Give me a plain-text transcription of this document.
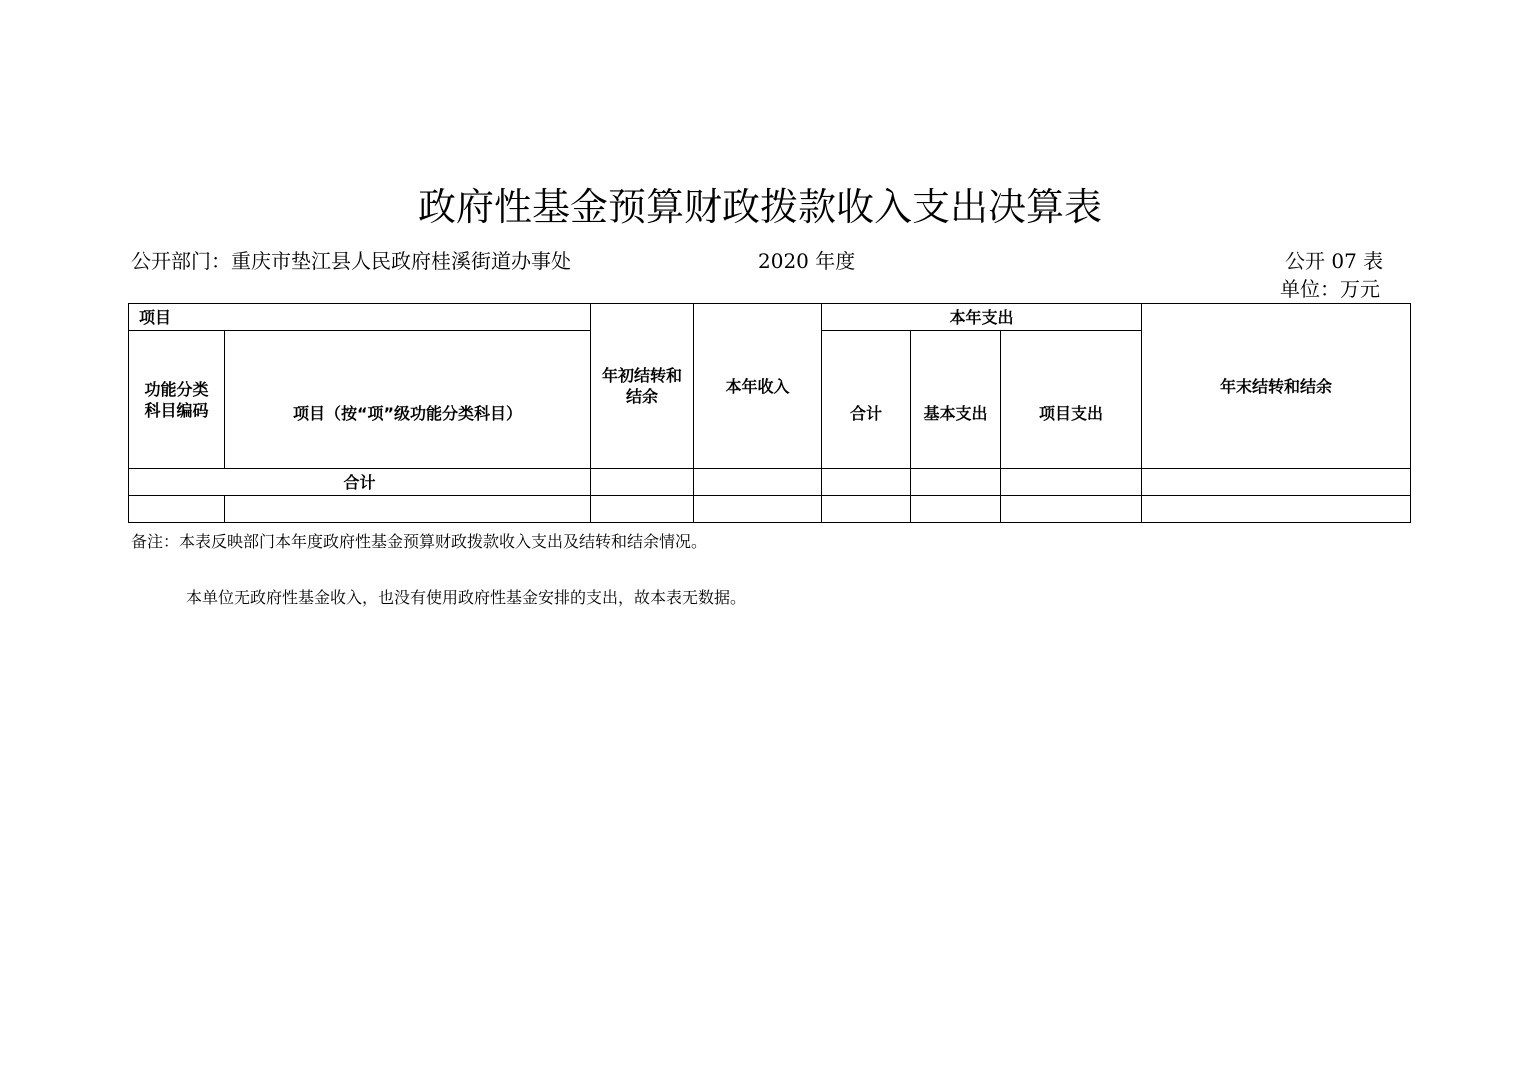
政府性基金预算财政拨款收入支出决算表
公开部门：重庆市垫江县人民政府桂溪街道办事处	2020 年度	公开 07 表
单位：万元
项目		年初结转和结余	本年收入	本年支出			年末结转和结余
功能分类科目编码	项目（按“项”级功能分类科目）			合计	基本支出	项目支出	
合计							

备注：本表反映部门本年度政府性基金预算财政拨款收入支出及结转和结余情况。
本单位无政府性基金收入，也没有使用政府性基金安排的支出，故本表无数据。
